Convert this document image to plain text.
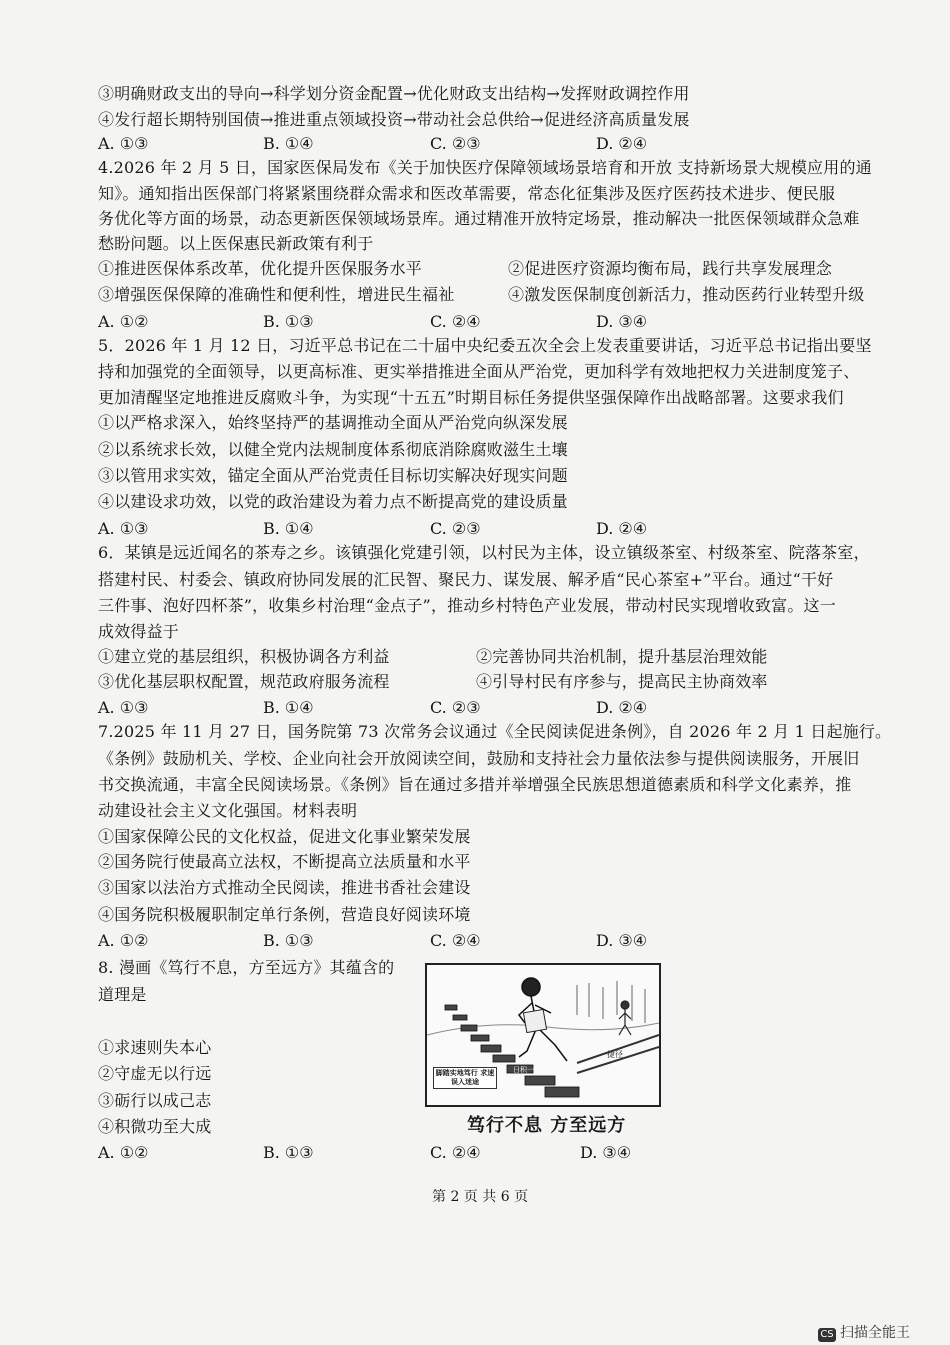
③明确财政支出的导向→科学划分资金配置→优化财政支出结构→发挥财政调控作用
④发行超长期特别国债→推进重点领域投资→带动社会总供给→促进经济高质量发展
A. ①③	B. ①④	C. ②③	D. ②④
4.2026 年 2 月 5 日，国家医保局发布《关于加快医疗保障领域场景培育和开放 支持新场景大规模应用的通
知》。通知指出医保部门将紧紧围绕群众需求和医改革需要，常态化征集涉及医疗医药技术进步、便民服
务优化等方面的场景，动态更新医保领域场景库。通过精准开放特定场景，推动解决一批医保领域群众急难
愁盼问题。以上医保惠民新政策有利于
①推进医保体系改革，优化提升医保服务水平	②促进医疗资源均衡布局，践行共享发展理念
③增强医保保障的准确性和便利性，增进民生福祉	④激发医保制度创新活力，推动医药行业转型升级
A. ①②	B. ①③	C. ②④	D. ③④
5．2026 年 1 月 12 日，习近平总书记在二十届中央纪委五次全会上发表重要讲话，习近平总书记指出要坚
持和加强党的全面领导，以更高标准、更实举措推进全面从严治党，更加科学有效地把权力关进制度笼子、
更加清醒坚定地推进反腐败斗争，为实现“十五五”时期目标任务提供坚强保障作出战略部署。这要求我们
①以严格求深入，始终坚持严的基调推动全面从严治党向纵深发展
②以系统求长效，以健全党内法规制度体系彻底消除腐败滋生土壤
③以管用求实效，锚定全面从严治党责任目标切实解决好现实问题
④以建设求功效，以党的政治建设为着力点不断提高党的建设质量
A. ①③	B. ①④	C. ②③	D. ②④
6．某镇是远近闻名的茶寿之乡。该镇强化党建引领，以村民为主体，设立镇级茶室、村级茶室、院落茶室，
搭建村民、村委会、镇政府协同发展的汇民智、聚民力、谋发展、解矛盾“民心茶室+”平台。通过“干好
三件事、泡好四杯茶”，收集乡村治理“金点子”，推动乡村特色产业发展，带动村民实现增收致富。这一
成效得益于
①建立党的基层组织，积极协调各方利益	②完善协同共治机制，提升基层治理效能
③优化基层职权配置，规范政府服务流程	④引导村民有序参与，提高民主协商效率
A. ①③	B. ①④	C. ②③	D. ②④
7.2025 年 11 月 27 日，国务院第 73 次常务会议通过《全民阅读促进条例》，自 2026 年 2 月 1 日起施行。
《条例》鼓励机关、学校、企业向社会开放阅读空间，鼓励和支持社会力量依法参与提供阅读服务，开展旧
书交换流通，丰富全民阅读场景。《条例》旨在通过多措并举增强全民族思想道德素质和科学文化素养，推
动建设社会主义文化强国。材料表明
①国家保障公民的文化权益，促进文化事业繁荣发展
②国务院行使最高立法权，不断提高立法质量和水平
③国家以法治方式推动全民阅读，推进书香社会建设
④国务院积极履职制定单行条例，营造良好阅读环境
A. ①②	B. ①③	C. ②④	D. ③④
8. 漫画《笃行不息，方至远方》其蕴含的
道理是
①求速则失本心
②守虚无以行远
③砺行以成己志
④积微功至大成
A. ①②	B. ①③	C. ②④	D. ③④
捷径
日积一
脚踏实地笃行 求速误入迷途
笃行不息 方至远方
第 2 页 共 6 页
CS 扫描全能王
